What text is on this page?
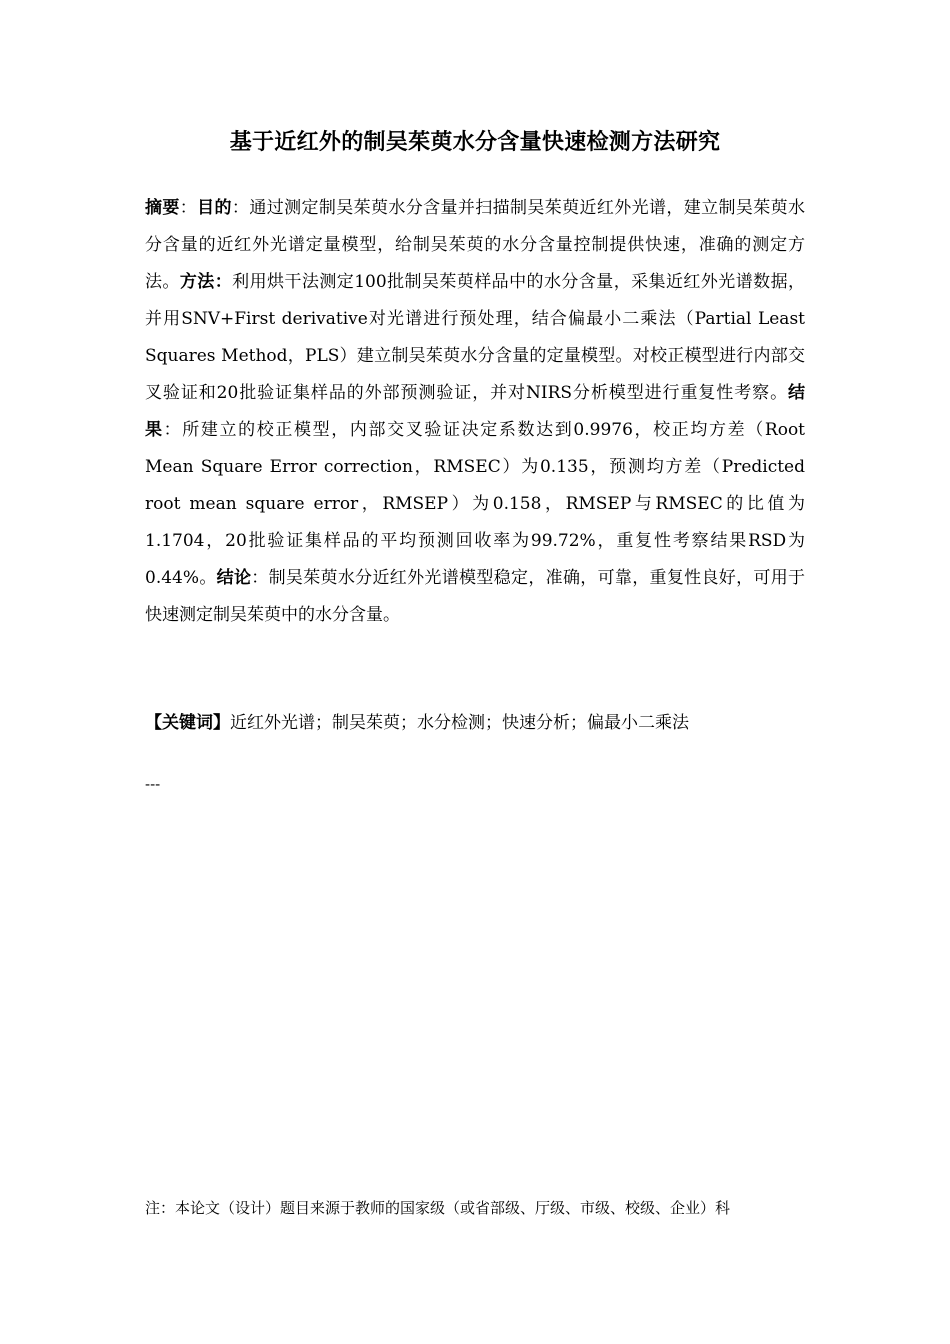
基于近红外的制吴茱萸水分含量快速检测方法研究

摘要：目的：通过测定制吴茱萸水分含量并扫描制吴茱萸近红外光谱，建立制吴茱萸水分含量的近红外光谱定量模型，给制吴茱萸的水分含量控制提供快速，准确的测定方法。方法：利用烘干法测定100批制吴茱萸样品中的水分含量，采集近红外光谱数据，并用SNV+First derivative对光谱进行预处理，结合偏最小二乘法（Partial Least Squares Method，PLS）建立制吴茱萸水分含量的定量模型。对校正模型进行内部交叉验证和20批验证集样品的外部预测验证，并对NIRS分析模型进行重复性考察。结果：所建立的校正模型，内部交叉验证决定系数达到0.9976，校正均方差（Root Mean Square Error correction，RMSEC）为0.135，预测均方差（Predicted root mean square error，RMSEP）为0.158，RMSEP与RMSEC的比值为1.1704，20批验证集样品的平均预测回收率为99.72%，重复性考察结果RSD为0.44%。结论：制吴茱萸水分近红外光谱模型稳定，准确，可靠，重复性良好，可用于快速测定制吴茱萸中的水分含量。

【关键词】近红外光谱；制吴茱萸；水分检测；快速分析；偏最小二乘法

---

注：本论文（设计）题目来源于教师的国家级（或省部级、厅级、市级、校级、企业）科
